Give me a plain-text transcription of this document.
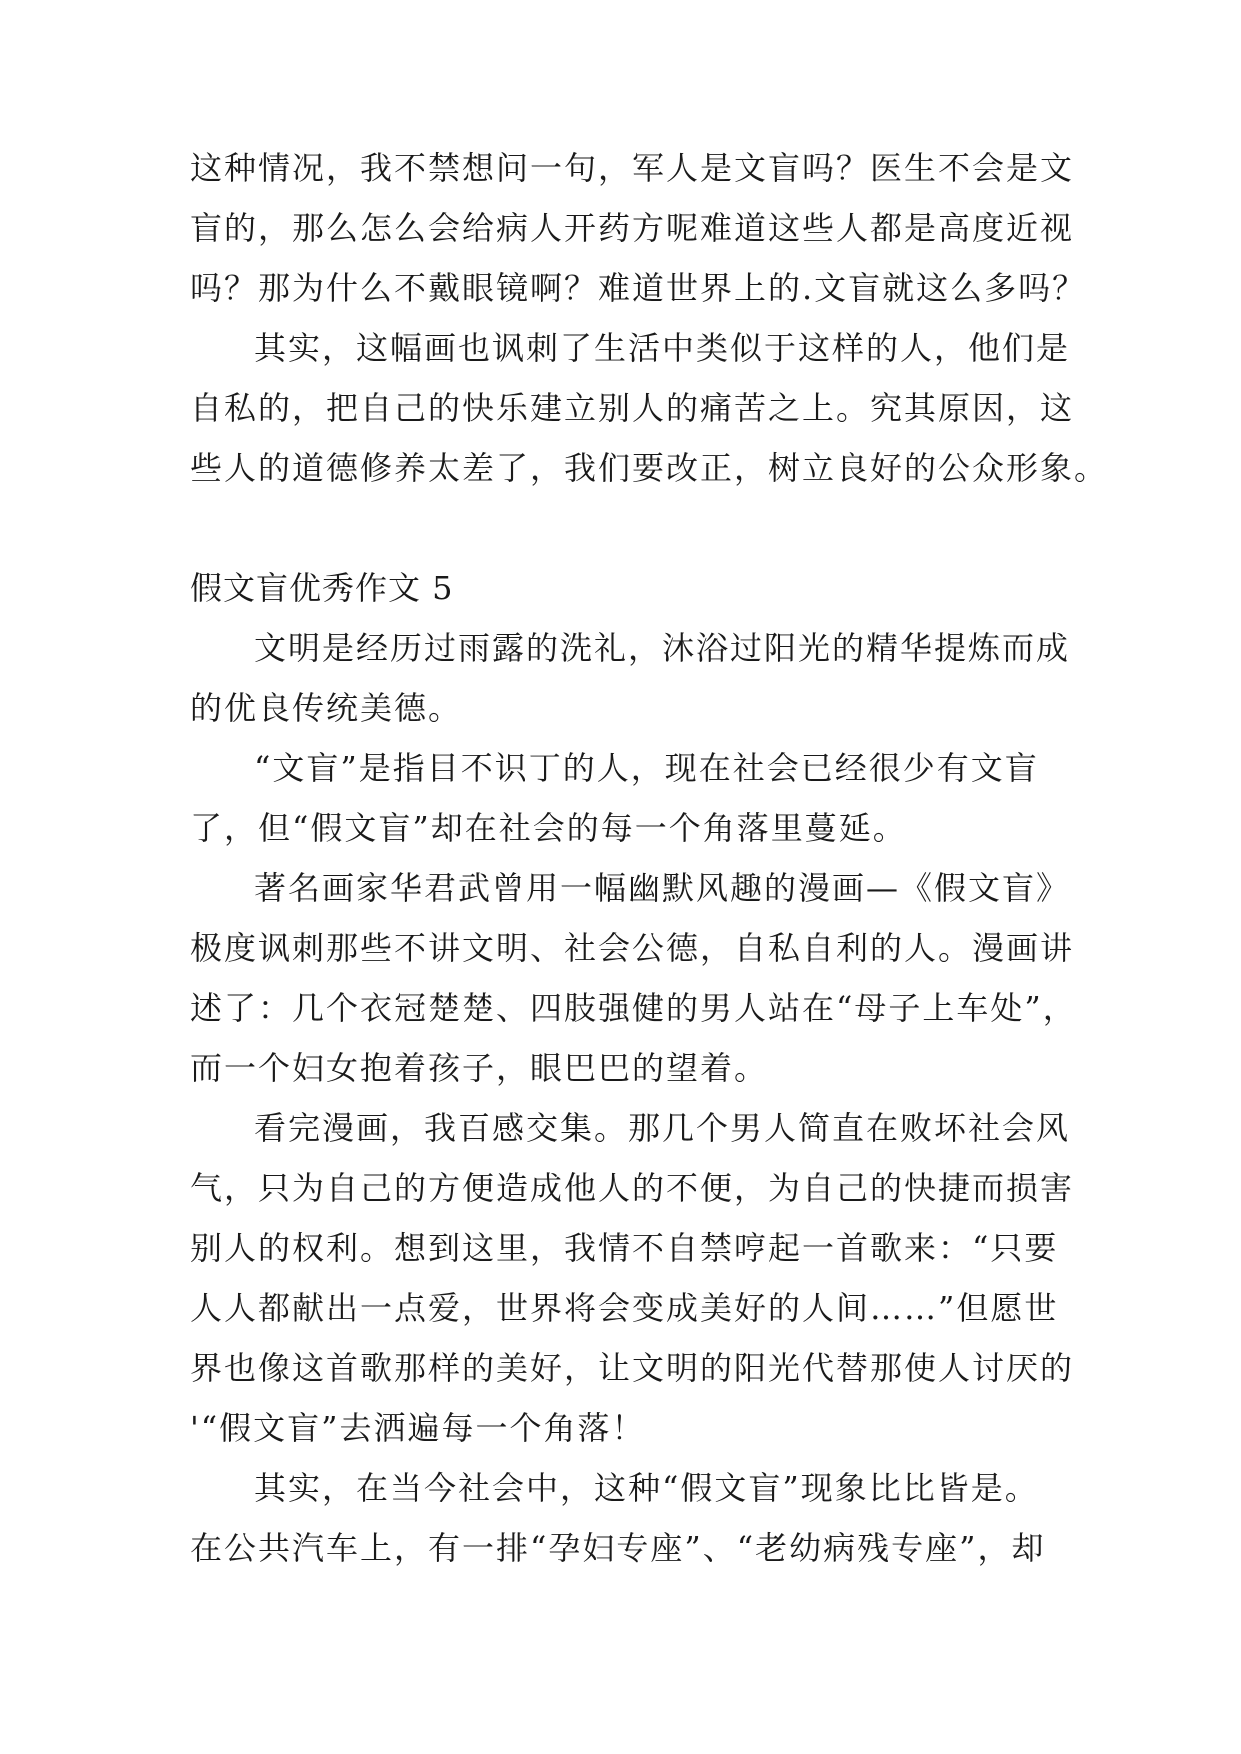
这种情况，我不禁想问一句，军人是文盲吗？医生不会是文
盲的，那么怎么会给病人开药方呢难道这些人都是高度近视
吗？那为什么不戴眼镜啊？难道世界上的.文盲就这么多吗？
其实，这幅画也讽刺了生活中类似于这样的人，他们是
自私的，把自己的快乐建立别人的痛苦之上。究其原因，这
些人的道德修养太差了，我们要改正，树立良好的公众形象。
假文盲优秀作文 5
文明是经历过雨露的洗礼，沐浴过阳光的精华提炼而成
的优良传统美德。
“文盲”是指目不识丁的人，现在社会已经很少有文盲
了，但“假文盲”却在社会的每一个角落里蔓延。
著名画家华君武曾用一幅幽默风趣的漫画—《假文盲》
极度讽刺那些不讲文明、社会公德，自私自利的人。漫画讲
述了：几个衣冠楚楚、四肢强健的男人站在“母子上车处”，
而一个妇女抱着孩子，眼巴巴的望着。
看完漫画，我百感交集。那几个男人简直在败坏社会风
气，只为自己的方便造成他人的不便，为自己的快捷而损害
别人的权利。想到这里，我情不自禁哼起一首歌来：“只要
人人都献出一点爱，世界将会变成美好的人间……”但愿世
界也像这首歌那样的美好，让文明的阳光代替那使人讨厌的
'“假文盲”去洒遍每一个角落！
其实，在当今社会中，这种“假文盲”现象比比皆是。
在公共汽车上，有一排“孕妇专座”、“老幼病残专座”，却
